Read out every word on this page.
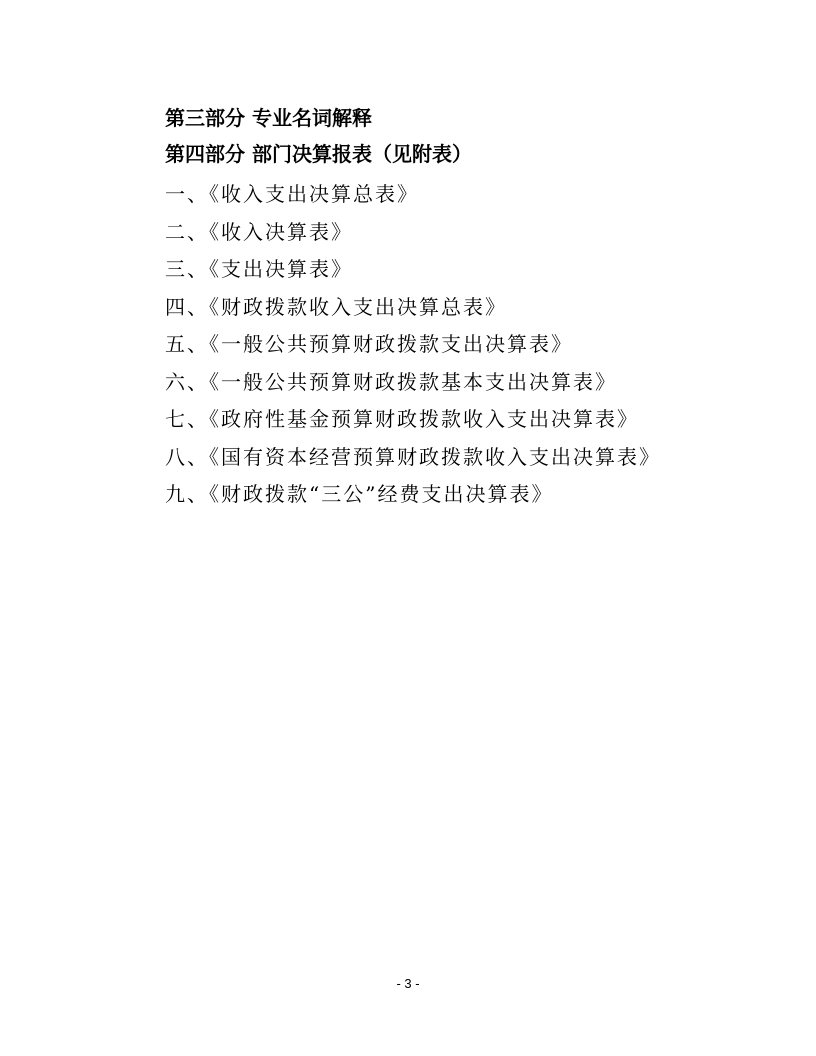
第三部分 专业名词解释
第四部分 部门决算报表（见附表）
一、《收入支出决算总表》
二、《收入决算表》
三、《支出决算表》
四、《财政拨款收入支出决算总表》
五、《一般公共预算财政拨款支出决算表》
六、《一般公共预算财政拨款基本支出决算表》
七、《政府性基金预算财政拨款收入支出决算表》
八、《国有资本经营预算财政拨款收入支出决算表》
九、《财政拨款“三公”经费支出决算表》
- 3 -
